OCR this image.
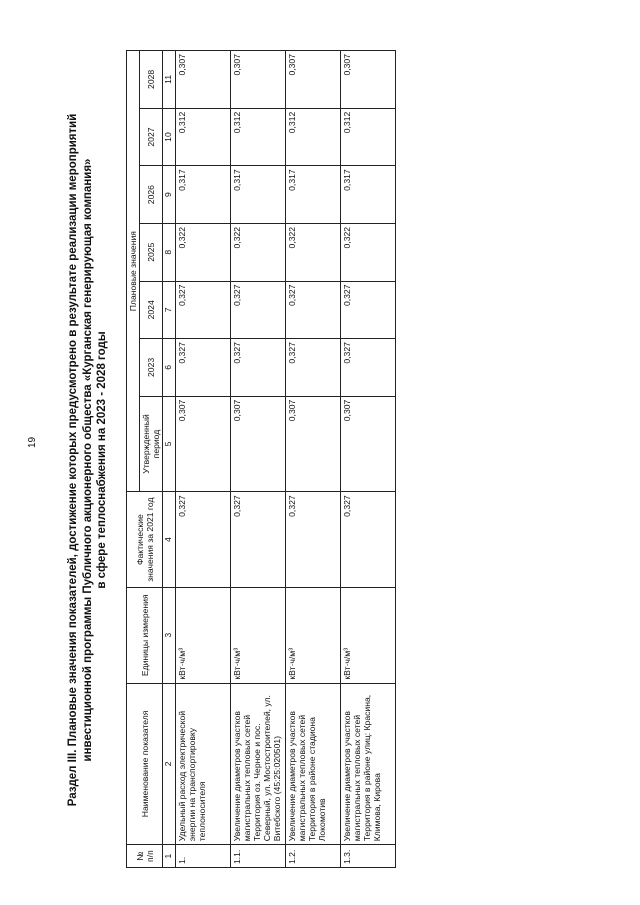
19	Раздел III. Плановые значения показателей, достижение которых предусмотрено в результате реализации мероприятий инвестиционной программы Публичного акционерного общества «Курганская генерирующая компания» в сфере теплоснабжения на 2023 - 2028 годы

№ п/п	Наименование показателя	Единицы измерения	Фактические значения за 2021 год	Плановые значения						
				Утвержденный период	2023	2024	2025	2026	2027	2028
1	2	3	4	5	6	7	8	9	10	11
1.	Удельный расход электрической энергии на транспортировку теплоносителя	кВт·ч/м³	0,327	0,307	0,327	0,327	0,322	0,317	0,312	0,307
1.1.	Увеличение диаметров участков магистральных тепловых сетей Территория оз. Черное и пос. Северный, ул. Мостостроителей, ул. Витебского (45:25:020501)	кВт·ч/м³	0,327	0,307	0,327	0,327	0,322	0,317	0,312	0,307
1.2.	Увеличение диаметров участков магистральных тепловых сетей Территория в районе стадиона Локомотив	кВт·ч/м³	0,327	0,307	0,327	0,327	0,322	0,317	0,312	0,307
1.3.	Увеличение диаметров участков магистральных тепловых сетей Территория в районе улиц: Красина, Климова, Кирова	кВт·ч/м³	0,327	0,307	0,327	0,327	0,322	0,317	0,312	0,307
